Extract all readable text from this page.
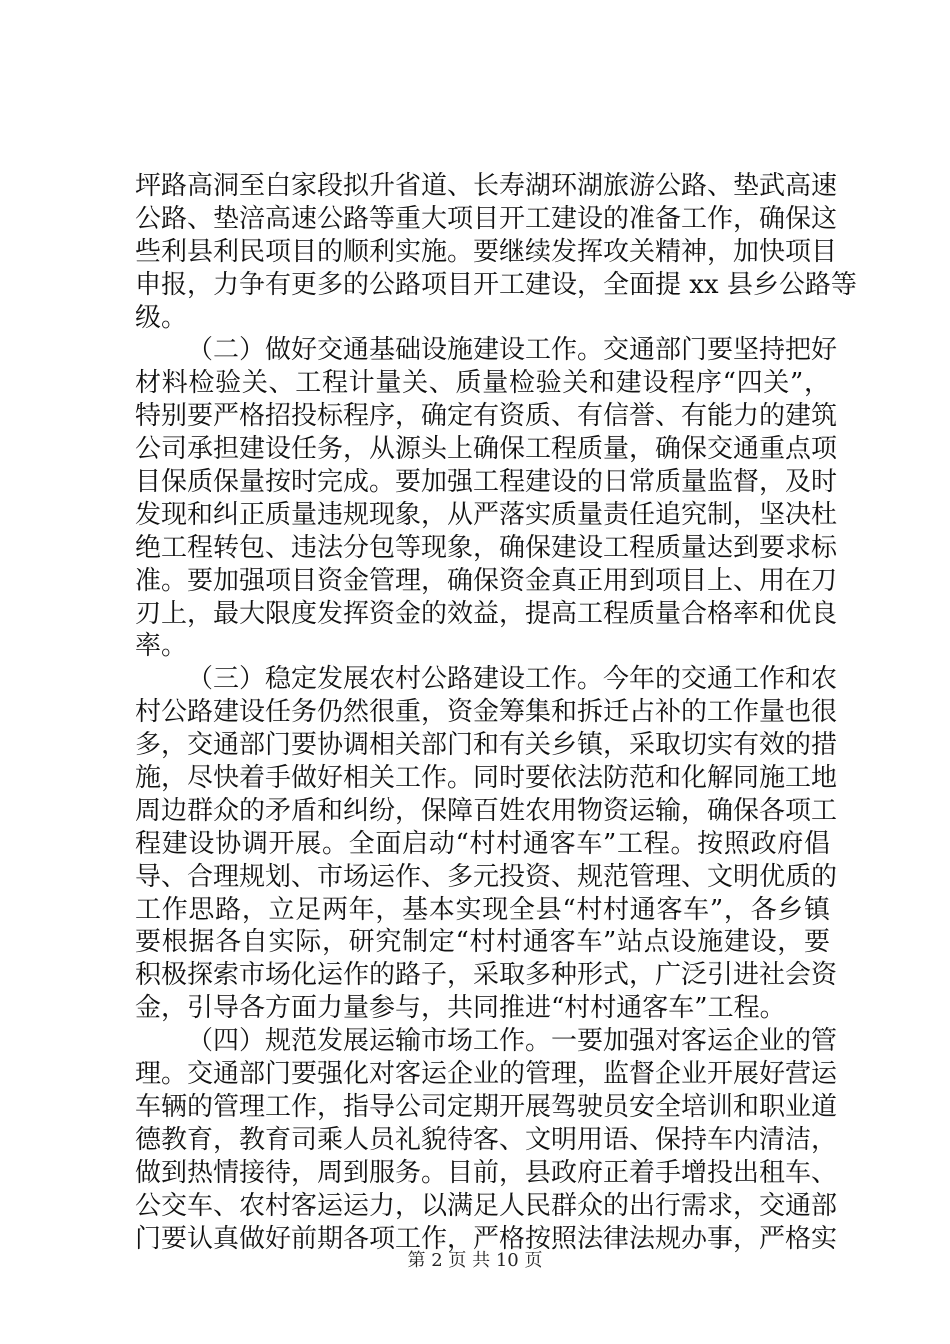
坪路高洞至白家段拟升省道、长寿湖环湖旅游公路、垫武高速
公路、垫涪高速公路等重大项目开工建设的准备工作，确保这
些利县利民项目的顺利实施。要继续发挥攻关精神，加快项目
申报，力争有更多的公路项目开工建设，全面提 xx 县乡公路等
级。
（二）做好交通基础设施建设工作。交通部门要坚持把好
材料检验关、工程计量关、质量检验关和建设程序“四关”，
特别要严格招投标程序，确定有资质、有信誉、有能力的建筑
公司承担建设任务，从源头上确保工程质量，确保交通重点项
目保质保量按时完成。要加强工程建设的日常质量监督，及时
发现和纠正质量违规现象，从严落实质量责任追究制，坚决杜
绝工程转包、违法分包等现象，确保建设工程质量达到要求标
准。要加强项目资金管理，确保资金真正用到项目上、用在刀
刃上，最大限度发挥资金的效益，提高工程质量合格率和优良
率。
（三）稳定发展农村公路建设工作。今年的交通工作和农
村公路建设任务仍然很重，资金筹集和拆迁占补的工作量也很
多，交通部门要协调相关部门和有关乡镇，采取切实有效的措
施，尽快着手做好相关工作。同时要依法防范和化解同施工地
周边群众的矛盾和纠纷，保障百姓农用物资运输，确保各项工
程建设协调开展。全面启动“村村通客车”工程。按照政府倡
导、合理规划、市场运作、多元投资、规范管理、文明优质的
工作思路，立足两年，基本实现全县“村村通客车”，各乡镇
要根据各自实际，研究制定“村村通客车”站点设施建设，要
积极探索市场化运作的路子，采取多种形式，广泛引进社会资
金，引导各方面力量参与，共同推进“村村通客车”工程。
（四）规范发展运输市场工作。一要加强对客运企业的管
理。交通部门要强化对客运企业的管理，监督企业开展好营运
车辆的管理工作，指导公司定期开展驾驶员安全培训和职业道
德教育，教育司乘人员礼貌待客、文明用语、保持车内清洁，
做到热情接待，周到服务。目前，县政府正着手增投出租车、
公交车、农村客运运力，以满足人民群众的出行需求，交通部
门要认真做好前期各项工作，严格按照法律法规办事，严格实
第 2 页 共 10 页
